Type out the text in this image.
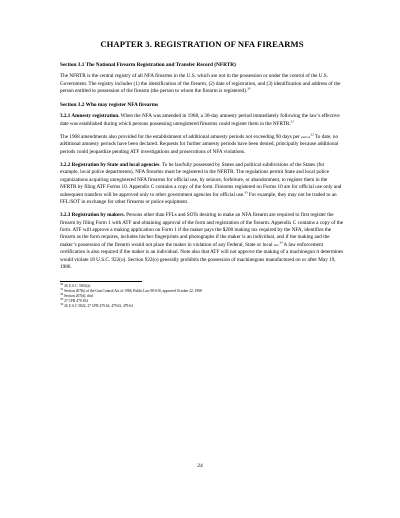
CHAPTER 3. REGISTRATION OF NFA FIREARMS
Section 3.1 The National Firearm Registration and Transfer Record (NFRTR)

The NFRTR is the central registry of all NFA firearms in the U.S. which are not in the possession or under the control of the U.S. Government. The registry includes (1) the identification of the firearm, (2) date of registration, and (3) identification and address of the person entitled to possession of the firearm (the person to whom the firearm is registered).$^{30}$

Section 3.2 Who may register NFA firearms

3.2.1 Amnesty registration. When the NFA was amended in 1968, a 30-day amnesty period immediately following the law’s effective date was established during which persons possessing unregistered firearms could register them in the NFRTR.$^{31}$

The 1968 amendments also provided for the establishment of additional amnesty periods not exceeding 90 days per period.$^{32}$ To date, no additional amnesty periods have been declared. Requests for further amnesty periods have been denied, principally because additional periods could jeopardize pending ATF investigations and prosecutions of NFA violations.

3.2.2 Registration by State and local agencies. To be lawfully possessed by States and political subdivisions of the States (for example, local police departments), NFA firearms must be registered in the NFRTR. The regulations permit State and local police organizations acquiring unregistered NFA firearms for official use, by seizure, forfeiture, or abandonment, to register them in the NFRTR by filing ATF Forms 10. Appendix C contains a copy of the form. Firearms registered on Forms 10 are for official use only and subsequent transfers will be approved only to other government agencies for official use.$^{33}$ For example, they may not be traded to an FFL/SOT in exchange for other firearms or police equipment.

3.2.3 Registration by makers. Persons other than FFLs and SOTs desiring to make an NFA firearm are required to first register the firearm by filing Form 1 with ATF and obtaining approval of the form and registration of the firearm. Appendix C contains a copy of the form. ATF will approve a making application on Form 1 if the maker pays the $200 making tax required by the NFA, identifies the firearm as the form requires, includes his/her fingerprints and photographs if the maker is an individual, and if the making and the maker’s possession of the firearm would not place the maker in violation of any Federal, State or local law.$^{34}$ A law enforcement certification is also required if the maker is an individual. Note also that ATF will not approve the making of a machinegun it determines would violate 18 U.S.C. 922(o). Section 922(o) generally prohibits the possession of machineguns manufactured on or after May 19, 1986.

$^{30}$ 26 U.S.C. 5841(a)
$^{31}$ Section 207(b) of the Gun Control Act of 1968, Public Law 90-618, approved October 22, 1968
$^{32}$ Section 207(d), ibid
$^{33}$ 27 CFR 479.104
$^{34}$ 26 U.S.C 5822; 27 CFR 479.62, 479.63, 479.64
24
